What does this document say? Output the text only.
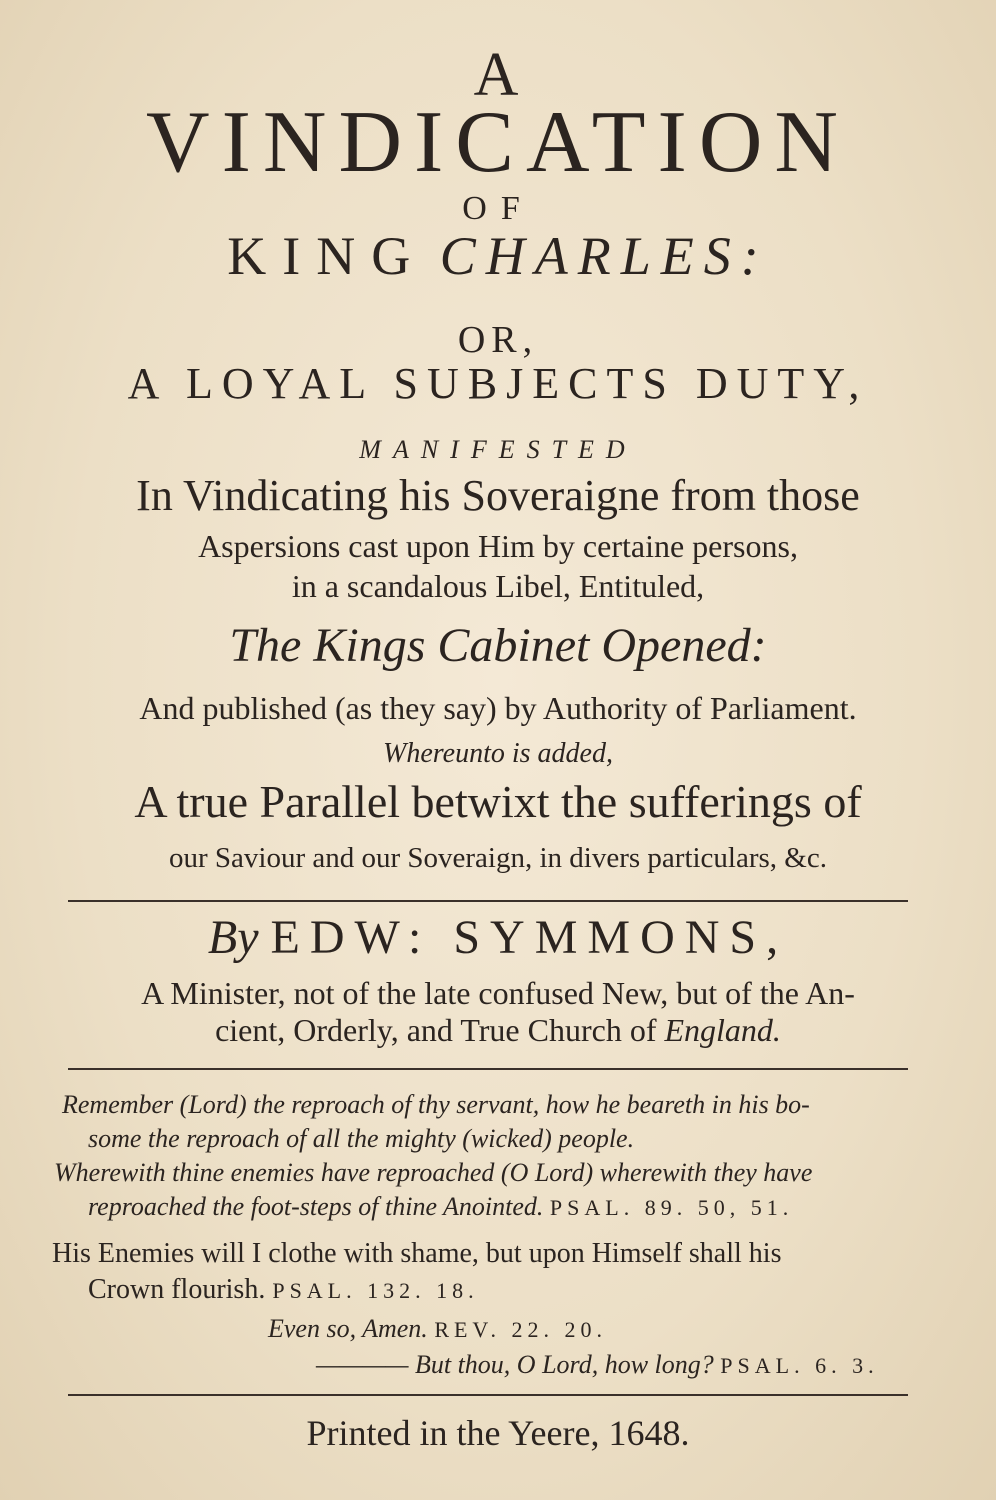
A
VINDICATION
OF
KING CHARLES:
OR,
A LOYAL SUBJECTS DUTY,
MANIFESTED
In Vindicating his Soveraigne from those
Aspersions cast upon Him by certaine persons,
in a scandalous Libel, Entituled,
The Kings Cabinet Opened:
And published (as they say) by Authority of Parliament.
Whereunto is added,
A true Parallel betwixt the sufferings of
our Saviour and our Soveraign, in divers particulars, &c.
By EDW: SYMMONS,
A Minister, not of the late confused New, but of the An-
cient, Orderly, and True Church of England.
Remember (Lord) the reproach of thy servant, how he beareth in his bo-
some the reproach of all the mighty (wicked) people.
Wherewith thine enemies have reproached (O Lord) wherewith they have
reproached the foot-steps of thine Anointed. PSAL. 89. 50, 51.
His Enemies will I clothe with shame, but upon Himself shall his
Crown flourish. PSAL. 132. 18.
Even so, Amen. REV. 22. 20.
———— But thou, O Lord, how long? PSAL. 6. 3.
Printed in the Yeere, 1648.
